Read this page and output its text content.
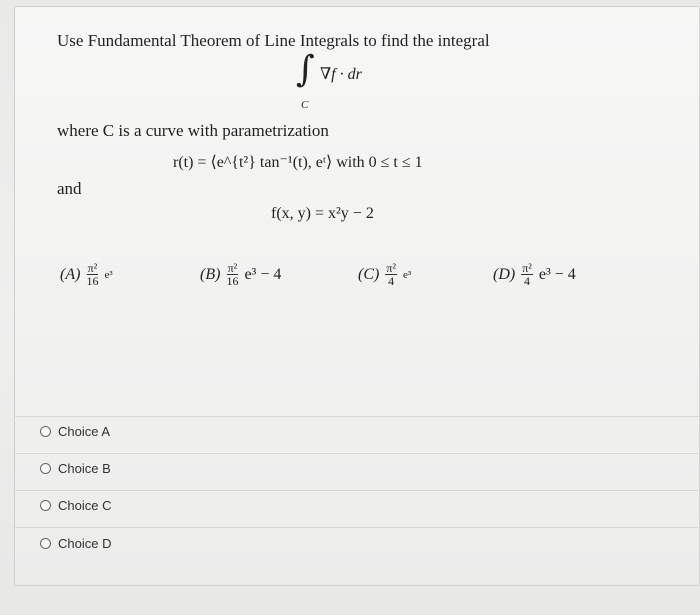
Use Fundamental Theorem of Line Integrals to find the integral
∫ ∇f · dr
C
where C is a curve with parametrization
r(t) = ⟨e^{t²} tan⁻¹(t), eᵗ⟩ with 0 ≤ t ≤ 1
and
f(x, y) = x²y − 2
$(A) \frac{\text{π²}}{16} e^3$	$(B) \frac{\text{π²}}{16} e^3 - 4$	$(C) \frac{\text{π²}}{4} e^3$	$(D) \frac{\text{π²}}{4} e^3 - 4$
Choice A
Choice B
Choice C
Choice D
